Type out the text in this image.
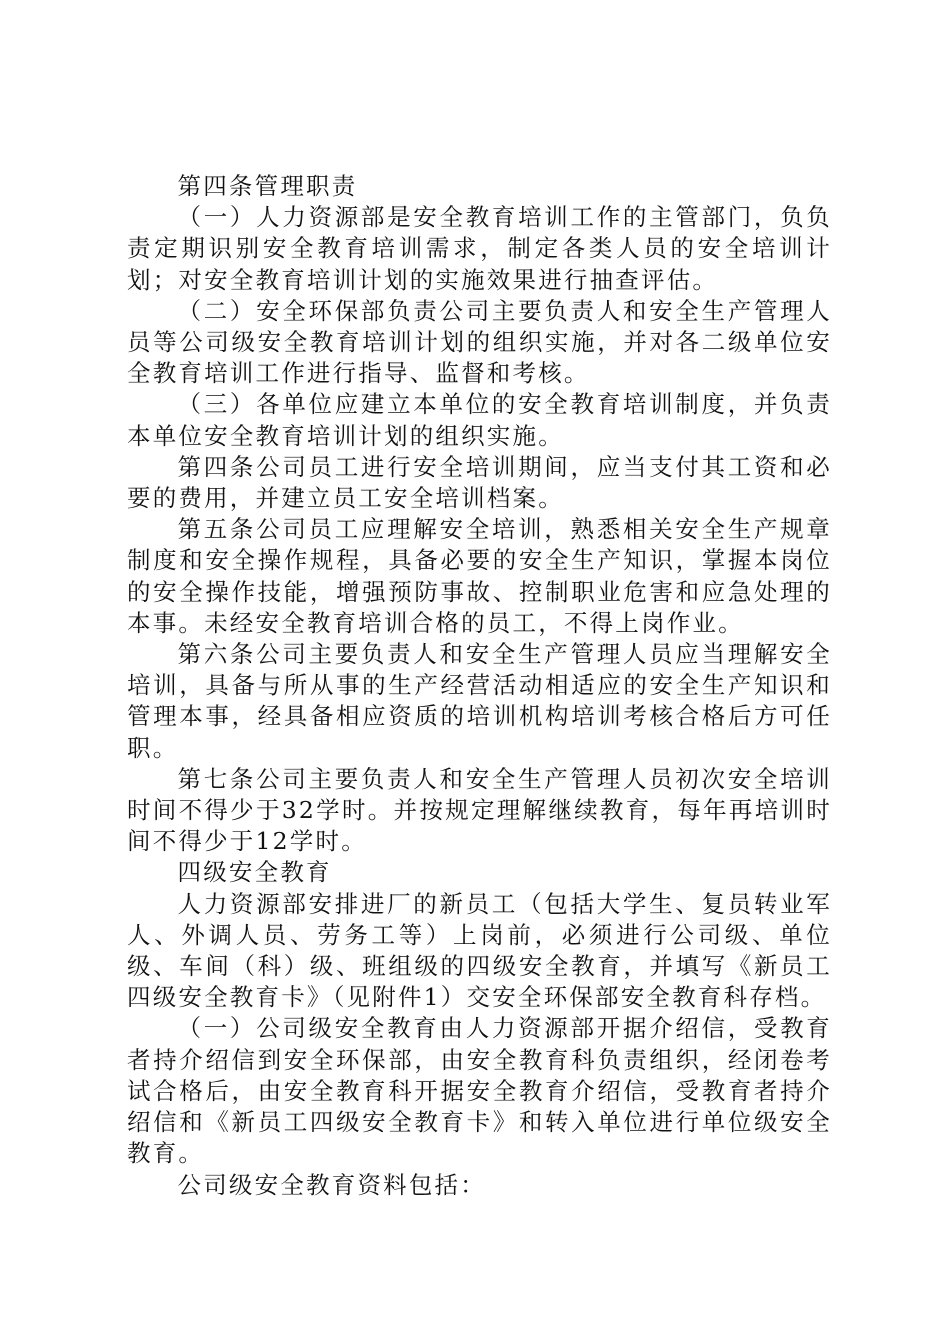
第四条管理职责

（一）人力资源部是安全教育培训工作的主管部门，负负责定期识别安全教育培训需求，制定各类人员的安全培训计划；对安全教育培训计划的实施效果进行抽查评估。

（二）安全环保部负责公司主要负责人和安全生产管理人员等公司级安全教育培训计划的组织实施，并对各二级单位安全教育培训工作进行指导、监督和考核。

（三）各单位应建立本单位的安全教育培训制度，并负责本单位安全教育培训计划的组织实施。

第四条公司员工进行安全培训期间，应当支付其工资和必要的费用，并建立员工安全培训档案。

第五条公司员工应理解安全培训，熟悉相关安全生产规章制度和安全操作规程，具备必要的安全生产知识，掌握本岗位的安全操作技能，增强预防事故、控制职业危害和应急处理的本事。未经安全教育培训合格的员工，不得上岗作业。

第六条公司主要负责人和安全生产管理人员应当理解安全培训，具备与所从事的生产经营活动相适应的安全生产知识和管理本事，经具备相应资质的培训机构培训考核合格后方可任职。

第七条公司主要负责人和安全生产管理人员初次安全培训时间不得少于32学时。并按规定理解继续教育，每年再培训时间不得少于12学时。

四级安全教育

人力资源部安排进厂的新员工（包括大学生、复员转业军人、外调人员、劳务工等）上岗前，必须进行公司级、单位级、车间（科）级、班组级的四级安全教育，并填写《新员工四级安全教育卡》（见附件1）交安全环保部安全教育科存档。

（一）公司级安全教育由人力资源部开据介绍信，受教育者持介绍信到安全环保部，由安全教育科负责组织，经闭卷考试合格后，由安全教育科开据安全教育介绍信，受教育者持介绍信和《新员工四级安全教育卡》和转入单位进行单位级安全教育。

公司级安全教育资料包括：
